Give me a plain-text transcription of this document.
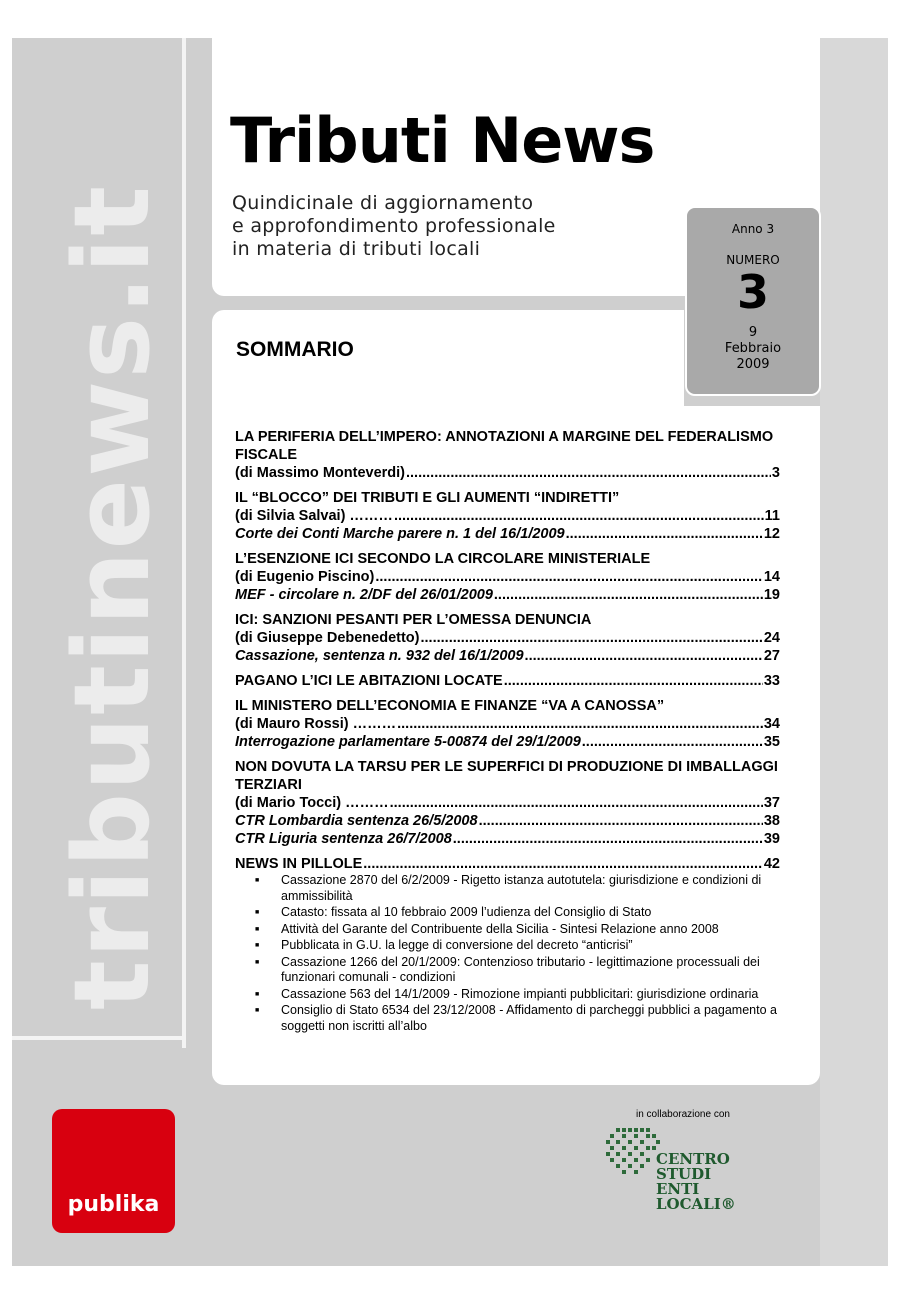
tributinews.it
Tributi News
Quindicinale di aggiornamento
e approfondimento professionale
in materia di tributi locali
Anno 3
NUMERO
3
9
Febbraio
2009
SOMMARIO
LA PERIFERIA DELL’IMPERO: ANNOTAZIONI A MARGINE DEL FEDERALISMO FISCALE
(di Massimo Monteverdi) .....	3
IL “BLOCCO” DEI TRIBUTI E GLI AUMENTI “INDIRETTI”
(di Silvia Salvai) ……… .....	11
Corte dei Conti Marche parere n. 1 del 16/1/2009 .....	12
L’ESENZIONE ICI SECONDO LA CIRCOLARE MINISTERIALE
(di Eugenio Piscino) .....	14
MEF - circolare n. 2/DF del 26/01/2009 .....	19
ICI: SANZIONI PESANTI PER L’OMESSA DENUNCIA
(di Giuseppe Debenedetto) .....	24
Cassazione, sentenza n. 932 del 16/1/2009 .....	27
PAGANO L’ICI LE ABITAZIONI LOCATE .....	33
IL MINISTERO DELL’ECONOMIA E FINANZE “VA A CANOSSA”
(di Mauro Rossi) ……… .....	34
Interrogazione parlamentare 5-00874 del 29/1/2009 .....	35
NON DOVUTA LA TARSU PER LE SUPERFICI DI PRODUZIONE DI IMBALLAGGI TERZIARI
(di Mario Tocci) ……… .....	37
CTR Lombardia sentenza 26/5/2008 .....	38
CTR Liguria sentenza 26/7/2008 .....	39
NEWS IN PILLOLE .....	42
■ Cassazione 2870 del 6/2/2009 - Rigetto istanza autotutela: giurisdizione e condizioni di ammissibilità
■ Catasto: fissata al 10 febbraio 2009 l’udienza del Consiglio di Stato
■ Attività del Garante del Contribuente della Sicilia - Sintesi Relazione anno 2008
■ Pubblicata in G.U. la legge di conversione del decreto “anticrisi”
■ Cassazione 1266 del 20/1/2009: Contenzioso tributario - legittimazione processuali dei funzionari comunali - condizioni
■ Cassazione 563 del 14/1/2009 - Rimozione impianti pubblicitari: giurisdizione ordinaria
■ Consiglio di Stato 6534 del 23/12/2008 - Affidamento di parcheggi pubblici a pagamento a soggetti non iscritti all’albo
in collaborazione con
CENTRO
STUDI
ENTI
LOCALI®
publika
